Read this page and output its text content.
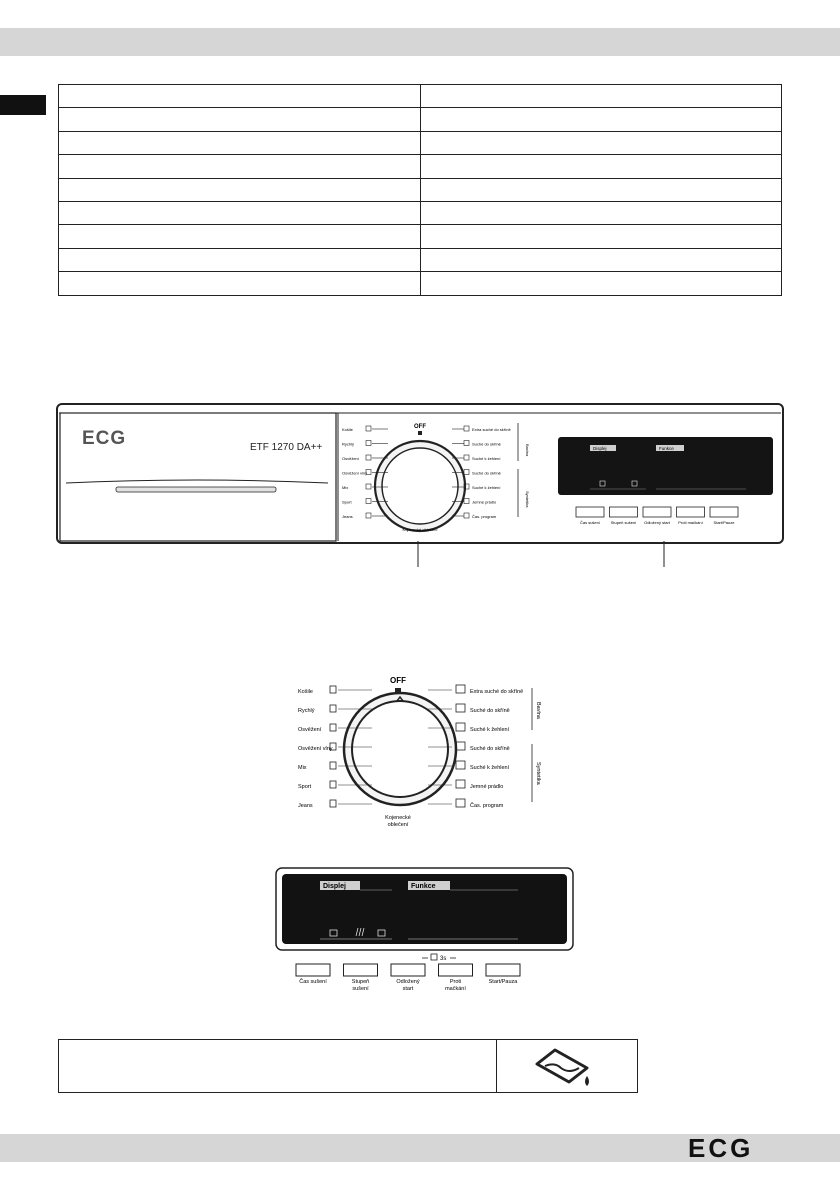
ECG	ETF 1270 DA++
OFF
Košile
Rychlý
Osvěžení
Osvěžení vlny
Mix
Sport
Jeans
Extra suché do skříně
Suché do skříně
Suché k žehlení
Suché do skříně
Suché k žehlení
Jemné prádlo
Čas. program
Kojenecké oblečení
Bavlna
Syntetika
Displej	Funkce
Čas sušení	Stupeň sušení Odložený start Proti mačkání	Start/Pauze
OFF
Košile
Rychlý
Osvěžení
Osvěžení vlny
Mix
Sport
Jeans
Extra suché do skříně
Suché do skříně
Suché k žehlení
Suché do skříně
Suché k žehlení
Jemné prádlo
Čas. program
Kojenecké
oblečení
Bavlna
Syntetika
Displej	Funkce
3s
Čas sušení	Stupeň
sušení
Odložený
start
Proti
mačkání
Start/Pauza
ECG
